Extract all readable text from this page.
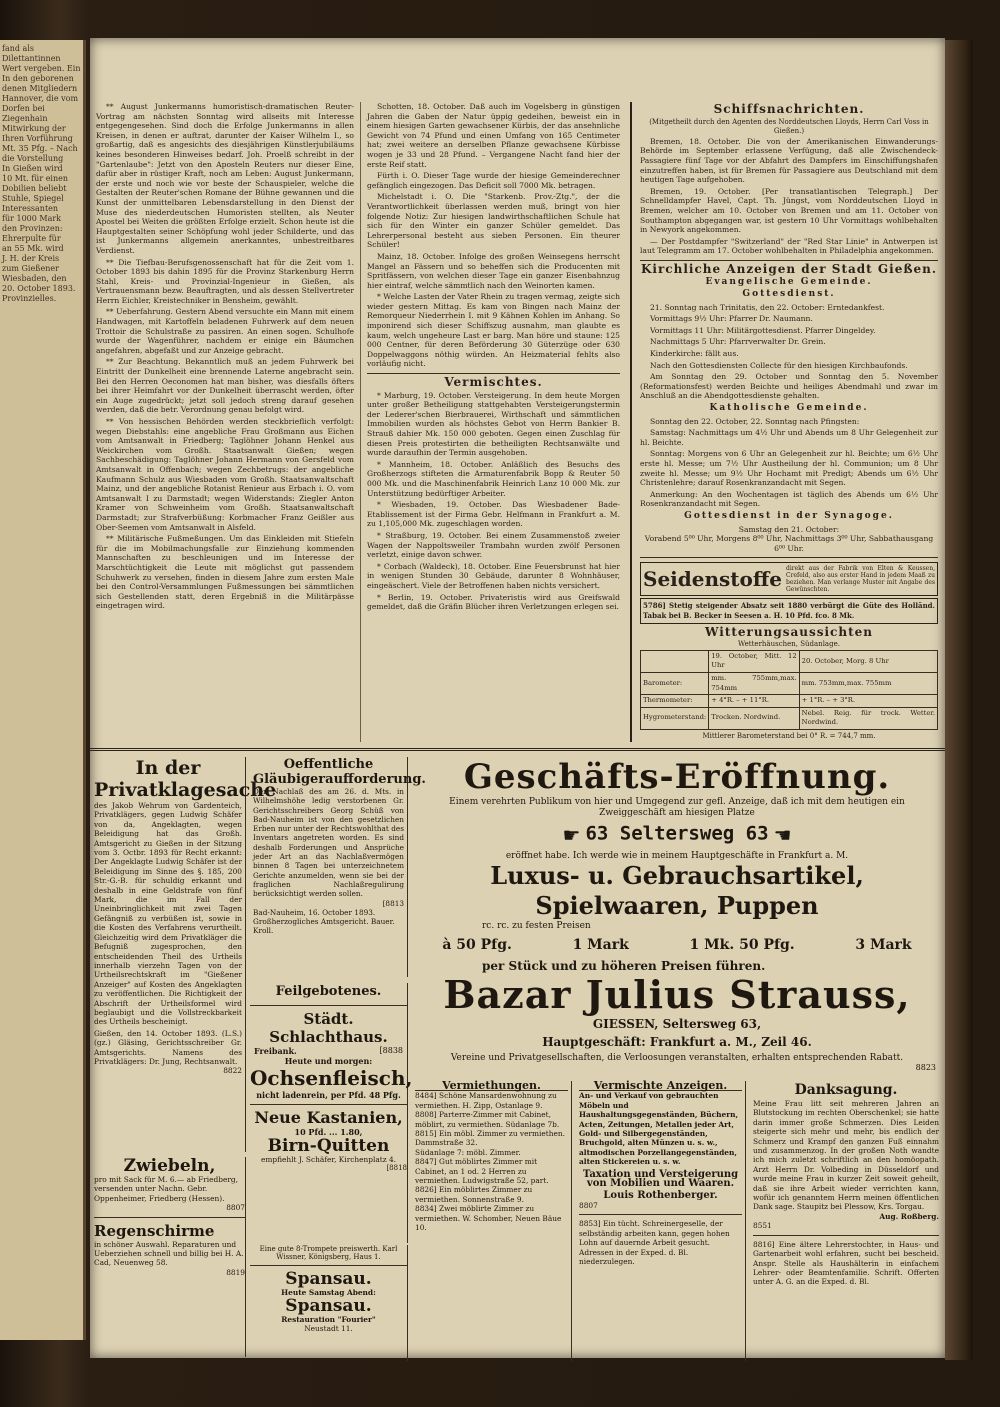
fand als Dilettantinnen
Wert vergeben. Ein
In den geborenen
denen Mitgliedern
Hannover, die vom
Dorfen bei Ziegenhain
Mitwirkung der
Ihren Vorführung
Mt. 35 Pfg. – Nach
die Vorstellung
In Gießen wird
10 Mt. für einen
Dobilien beliebt
Stuhle, Spiegel
Interessanten
für 1000 Mark
den Provinzen:
Ehrerpulte für
an 55 Mk. wird
J. H. der Kreis
zum Gießener
Wiesbaden, den 20. October 1893.
Provinzielles.

** August Junkermanns humoristisch-dramatischen Reuter-Vortrag am nächsten Sonntag wird allseits mit Interesse entgegengesehen. Sind doch die Erfolge Junkermanns in allen Kreisen, in denen er auftrat, darunter der Kaiser Wilhelm I., so großartig, daß es angesichts des diesjährigen Künstlerjubiläums keines besonderen Hinweises bedarf. Joh. Proelß schreibt in der "Gartenlaube": Jetzt von den Aposteln Reuters nur dieser Eine, dafür aber in rüstiger Kraft, noch am Leben: August Junkermann, der erste und noch wie vor beste der Schauspieler, welche die Gestalten der Reuter'schen Romane der Bühne gewannen und die Kunst der unmittelbaren Lebensdarstellung in den Dienst der Muse des niederdeutschen Humoristen stellten, als Neuter Apostel bei Weiten die größten Erfolge erzielt. Schon heute ist die Hauptgestalten seiner Schöpfung wohl jeder Schilderte, und das ist Junkermanns allgemein anerkanntes, unbestreitbares Verdienst.

** Die Tiefbau-Berufsgenossenschaft hat für die Zeit vom 1. October 1893 bis dahin 1895 für die Provinz Starkenburg Herrn Stahl, Kreis- und Provinzial-Ingenieur in Gießen, als Vertrauensmann bezw. Beauftragten, und als dessen Stellvertreter Herrn Eichler, Kreistechniker in Bensheim, gewählt.

** Ueberfahrung. Gestern Abend versuchte ein Mann mit einem Handwagen, mit Kartoffeln beladenen Fuhrwerk auf dem neuen Trottoir die Schulstraße zu passiren. An einen sogen. Schulhofe wurde der Wagenführer, nachdem er einige ein Bäumchen angefahren, abgefaßt und zur Anzeige gebracht.

** Zur Beachtung. Bekanntlich muß an jedem Fuhrwerk bei Eintritt der Dunkelheit eine brennende Laterne angebracht sein. Bei den Herren Oeconomen hat man bisher, was diesfalls öfters bei ihrer Heimfahrt vor der Dunkelheit überrascht werden, öfter ein Auge zugedrückt; jetzt soll jedoch streng darauf gesehen werden, daß die betr. Verordnung genau befolgt wird.

** Von hessischen Behörden werden steckbrieflich verfolgt: wegen Diebstahls: eine angebliche Frau Großmann aus Eichen vom Amtsanwalt in Friedberg; Taglöhner Johann Henkel aus Weickirchen vom Großh. Staatsanwalt Gießen; wegen Sachbeschädigung: Taglöhner Johann Hermann von Gersfeld vom Amtsanwalt in Offenbach; wegen Zechbetrugs: der angebliche Kaufmann Schulz aus Wiesbaden vom Großh. Staatsanwaltschaft Mainz, und der angebliche Rotanist Renieur aus Erbach i. O. vom Amtsanwalt I zu Darmstadt; wegen Widerstands: Ziegler Anton Kramer von Schweinheim vom Großh. Staatsanwaltschaft Darmstadt; zur Strafverbüßung: Korbmacher Franz Geißler aus Ober-Seemen vom Amtsanwalt in Alsfeld.

** Militärische Fußmeßungen. Um das Einkleiden mit Stiefeln für die im Mobilmachungsfalle zur Einziehung kommenden Mannschaften zu beschleunigen und im Interesse der Marschtüchtigkeit die Leute mit möglichst gut passendem Schuhwerk zu versehen, finden in diesem Jahre zum ersten Male bei den Control-Versammlungen Fußmessungen bei sämmtlichen sich Gestellenden statt, deren Ergebniß in die Militärpässe eingetragen wird.

Schotten, 18. October. Daß auch im Vogelsberg in günstigen Jahren die Gaben der Natur üppig gedeihen, beweist ein in einem hiesigen Garten gewachsener Kürbis, der das ansehnliche Gewicht von 74 Pfund und einen Umfang von 165 Centimeter hat; zwei weitere an derselben Pflanze gewachsene Kürbisse wogen je 33 und 28 Pfund. – Vergangene Nacht fand hier der erste Reif statt.

Fürth i. O. Dieser Tage wurde der hiesige Gemeinderechner gefänglich eingezogen. Das Deficit soll 7000 Mk. betragen.

Michelstadt i. O. Die "Starkenb. Prov.-Ztg.", der die Verantwortlichkeit überlassen werden muß, bringt von hier folgende Notiz: Zur hiesigen landwirthschaftlichen Schule hat sich für den Winter ein ganzer Schüler gemeldet. Das Lehrerpersonal besteht aus sieben Personen. Ein theurer Schüler!

Mainz, 18. October. Infolge des großen Weinsegens herrscht Mangel an Fässern und so beheffen sich die Producenten mit Spritfässern, von welchen dieser Tage ein ganzer Eisenbahnzug hier eintraf, welche sämmtlich nach den Weinorten kamen.

* Welche Lasten der Vater Rhein zu tragen vermag, zeigte sich wieder gestern Mittag. Es kam von Bingen nach Mainz der Remorqueur Niederrhein I. mit 9 Kähnen Kohlen im Anhang. So imponirend sich dieser Schiffszug ausnahm, man glaubte es kaum, welch ungeheure Last er barg. Man höre und staune: 125 000 Centner, für deren Beförderung 30 Güterzüge oder 630 Doppelwaggons nöthig würden. An Heizmaterial fehlts also vorläufig nicht.

Vermischtes.

* Marburg, 19. October. Versteigerung. In dem heute Morgen unter großer Betheiligung stattgehabten Versteigerungstermin der Lederer'schen Bierbrauerei, Wirthschaft und sämmtlichen Immobilien wurden als höchstes Gebot von Herrn Bankier B. Strauß dahier Mk. 150 000 geboten. Gegen einen Zuschlag für diesen Preis protestirten die betheiligten Rechtsanwälte und wurde daraufhin der Termin ausgehoben.

* Mannheim, 18. October. Anläßlich des Besuchs des Großherzogs stifteten die Armaturenfabrik Bopp & Reuter 50 000 Mk. und die Maschinenfabrik Heinrich Lanz 10 000 Mk. zur Unterstützung bedürftiger Arbeiter.

* Wiesbaden, 19. October. Das Wiesbadener Bade-Etablissement ist der Firma Gebr. Helfmann in Frankfurt a. M. zu 1,105,000 Mk. zugeschlagen worden.

* Straßburg, 19. October. Bei einem Zusammenstoß zweier Wagen der Nappoltsweiler Trambahn wurden zwölf Personen verletzt, einige davon schwer.

* Corbach (Waldeck), 18. October. Eine Feuersbrunst hat hier in wenigen Stunden 30 Gebäude, darunter 8 Wohnhäuser, eingeäschert. Viele der Betroffenen haben nichts versichert.

* Berlin, 19. October. Privateristis wird aus Greifswald gemeldet, daß die Gräfin Blücher ihren Verletzungen erlegen sei.

Schiffsnachrichten.
(Mitgetheilt durch den Agenten des Norddeutschen Lloyds, Herrn Carl Voss in Gießen.)

Bremen, 18. October. Die von der Amerikanischen Einwanderungs-Behörde im September erlassene Verfügung, daß alle Zwischendeck-Passagiere fünf Tage vor der Abfahrt des Dampfers im Einschiffungshafen einzutreffen haben, ist für Bremen für Passagiere aus Deutschland mit dem heutigen Tage aufgehoben.

Bremen, 19. October. [Per transatlantischen Telegraph.] Der Schnelldampfer Havel, Capt. Th. Jüngst, vom Norddeutschen Lloyd in Bremen, welcher am 10. October von Bremen und am 11. October von Southampton abgegangen war, ist gestern 10 Uhr Vormittags wohlbehalten in Newyork angekommen.

— Der Postdampfer "Switzerland" der "Red Star Linie" in Antwerpen ist laut Telegramm am 17. October wohlbehalten in Philadelphia angekommen.

Kirchliche Anzeigen der Stadt Gießen.
Evangelische Gemeinde.
Gottesdienst.

21. Sonntag nach Trinitatis, den 22. October: Erntedankfest.

Vormittags 9½ Uhr: Pfarrer Dr. Naumann.

Vormittags 11 Uhr: Militärgottesdienst. Pfarrer Dingeldey.

Nachmittags 5 Uhr: Pfarrverwalter Dr. Grein.

Kinderkirche: fällt aus.

Nach den Gottesdiensten Collecte für den hiesigen Kirchbaufonds.

Am Sonntag den 29. October und Sonntag den 5. November (Reformationsfest) werden Beichte und heiliges Abendmahl und zwar im Anschluß an die Abendgottesdienste gehalten.

Katholische Gemeinde.

Sonntag den 22. October, 22. Sonntag nach Pfingsten:

Samstag: Nachmittags um 4½ Uhr und Abends um 8 Uhr Gelegenheit zur hl. Beichte.

Sonntag: Morgens von 6 Uhr an Gelegenheit zur hl. Beichte; um 6½ Uhr erste hl. Messe; um 7½ Uhr Austheilung der hl. Communion; um 8 Uhr zweite hl. Messe; um 9½ Uhr Hochamt mit Predigt; Abends um 6½ Uhr Christenlehre; darauf Rosenkranzandacht mit Segen.

Anmerkung: An den Wochentagen ist täglich des Abends um 6½ Uhr Rosenkranzandacht mit Segen.

Gottesdienst in der Synagoge.
Samstag den 21. October:
Vorabend 5⁰⁰ Uhr, Morgens 8⁰⁰ Uhr, Nachmittags 3⁰⁰ Uhr, Sabbathausgang 6⁰⁰ Uhr.
Seidenstoffe direkt aus der Fabrik von Elten & Keussen, Crefeld, also aus erster Hand in jedem Maaß zu beziehen. Man verlange Muster mit Angabe des Gewünschten.
5786] Stetig steigender Absatz seit 1880 verbürgt die Güte des Holländ. Tabak bei B. Becker in Seesen a. H. 10 Pfd. fco. 8 Mk.
Witterungsaussichten
Wetterhäuschen, Südanlage.
	19. October, Mitt. 12 Uhr	20. October, Morg. 8 Uhr
Barometer:	mm. 755mm,max. 754mm	mm. 753mm,max. 755mm
Thermometer:	+ 4°R. – + 11°R.	+ 1°R. – + 3°R.
Hygrometerstand:	Trocken. Nordwind.	Nebel. Reig. für trock. Wetter. Nordwind.
Mittlerer Barometerstand bei 0° R. = 744,7 mm.
In der Privatklagesache
des Jakob Wehrum von Gardenteich, Privatklägers, gegen Ludwig Schäfer von da, Angeklagten, wegen Beleidigung hat das Großh. Amtsgericht zu Gießen in der Sitzung vom 3. Octbr. 1893 für Recht erkannt: Der Angeklagte Ludwig Schäfer ist der Beleidigung im Sinne des §. 185, 200 Str.-G.-B. für schuldig erkannt und deshalb in eine Geldstrafe von fünf Mark, die im Fall der Uneinbringlichkeit mit zwei Tagen Gefängniß zu verbüßen ist, sowie in die Kosten des Verfahrens verurtheilt. Gleichzeitig wird dem Privatkläger die Befugniß zugesprochen, den entscheidenden Theil des Urtheils innerhalb vierzehn Tagen von der Urtheilsrechtskraft im "Gießener Anzeiger" auf Kosten des Angeklagten zu veröffentlichen. Die Richtigkeit der Abschrift der Urtheilsformel wird beglaubigt und die Vollstreckbarkeit des Urtheils bescheinigt.
Gießen, den 14. October 1893. (L.S.) (gz.) Gläsing, Gerichtsschreiber Gr. Amtsgerichts. Namens des Privatklägers: Dr. Jung, Rechtsanwalt.
8822
Zwiebeln,
pro mit Sack für M. 6.— ab Friedberg, versenden unter Nachn. Gebr. Oppenheimer, Friedberg (Hessen).
8807
Regenschirme
in schöner Auswahl. Reparaturen und Ueberziehen schnell und billig bei H. A. Cad, Neuenweg 58.
8819
Oeffentliche Gläubigeraufforderung.
Der Nachlaß des am 26. d. Mts. in Wilhelmshöhe ledig verstorbenen Gr. Gerichtsschreibers Georg Schüß von Bad-Nauheim ist von den gesetzlichen Erben nur unter der Rechtswohlthat des Inventars angetreten worden. Es sind deshalb Forderungen und Ansprüche jeder Art an das Nachlaßvermögen binnen 8 Tagen bei unterzeichnetem Gerichte anzumelden, wenn sie bei der fraglichen Nachlaßregulirung berücksichtigt werden sollen.
[8813
Bad-Nauheim, 16. October 1893. Großherzogliches Amtsgericht. Bauer. Kroll.
Feilgebotenes.
Städt. Schlachthaus.
Freibank.	[8838
Heute und morgen:
Ochsenfleisch,
nicht ladenrein, per Pfd. 48 Pfg.
Neue Kastanien,
10 Pfd. ... 1.80,
Birn-Quitten
empfiehlt J. Schäfer, Kirchenplatz 4.
[8818
Eine gute 8-Trompete preiswerth. Karl Wissner, Königsberg, Haus 1.
Spansau.
Heute Samstag Abend:
Spansau.
Restauration "Fourier"
Neustadt 11.
Geschäfts-Eröffnung.
Einem verehrten Publikum von hier und Umgegend zur gefl. Anzeige, daß ich mit dem heutigen ein Zweiggeschäft am hiesigen Platze
☛ 63 Seltersweg 63 ☚
eröffnet habe. Ich werde wie in meinem Hauptgeschäfte in Frankfurt a. M.
Luxus- u. Gebrauchsartikel, Spielwaaren, Puppen
rc. rc. zu festen Preisen
à 50 Pfg.	1 Mark	1 Mk. 50 Pfg.	3 Mark
per Stück und zu höheren Preisen führen.
Bazar Julius Strauss,
GIESSEN, Seltersweg 63,
Hauptgeschäft: Frankfurt a. M., Zeil 46.
Vereine und Privatgesellschaften, die Verloosungen veranstalten, erhalten entsprechenden Rabatt.
8823
Vermiethungen.
8484] Schöne Mansardenwohnung zu vermiethen. H. Zipp, Ostanlage 9.
8808] Parterre-Zimmer mit Cabinet, möblirt, zu vermiethen. Südanlage 7b.
8815] Ein möbl. Zimmer zu vermiethen. Dammstraße 32.
Südanlage 7: möbl. Zimmer.
8847] Gut möblirtes Zimmer mit Cabinet, an 1 od. 2 Herren zu vermiethen. Ludwigstraße 52, part.
8826] Ein möblirtes Zimmer zu vermiethen. Sonnenstraße 9.
8834] Zwei möblirte Zimmer zu vermiethen. W. Schomber, Neuen Bäue 10.
Vermischte Anzeigen.
An- und Verkauf von gebrauchten Möbeln und Haushaltungsgegenständen, Büchern, Acten, Zeitungen, Metallen jeder Art, Gold- und Silbergegenständen, Bruchgold, alten Münzen u. s. w., altmodischen Porzellangegenständen, alten Stickereien u. s. w.
Taxation und Versteigerung von Mobilien und Waaren.
Louis Rothenberger.
8807
8853] Ein tücht. Schreinergeselle, der selbständig arbeiten kann, gegen hohen Lohn auf dauernde Arbeit gesucht. Adressen in der Exped. d. Bl. niederzulegen.
Danksagung.
Meine Frau litt seit mehreren Jahren an Blutstockung im rechten Oberschenkel; sie hatte darin immer große Schmerzen. Dies Leiden steigerte sich mehr und mehr, bis endlich der Schmerz und Krampf den ganzen Fuß einnahm und zusammenzog. In der großen Noth wandte ich mich zuletzt schriftlich an den homöopath. Arzt Herrn Dr. Volbeding in Düsseldorf und wurde meine Frau in kurzer Zeit soweit geheilt, daß sie ihre Arbeit wieder verrichten kann, wofür ich genanntem Herrn meinen öffentlichen Dank sage. Staupitz bei Plessow, Krs. Torgau.
Aug. Roßberg.
8551
8816] Eine ältere Lehrerstochter, in Haus- und Gartenarbeit wohl erfahren, sucht bei bescheid. Anspr. Stelle als Haushälterin in einfachem Lehrer- oder Beamtenfamilie. Schrift. Offerten unter A. G. an die Exped. d. Bl.
